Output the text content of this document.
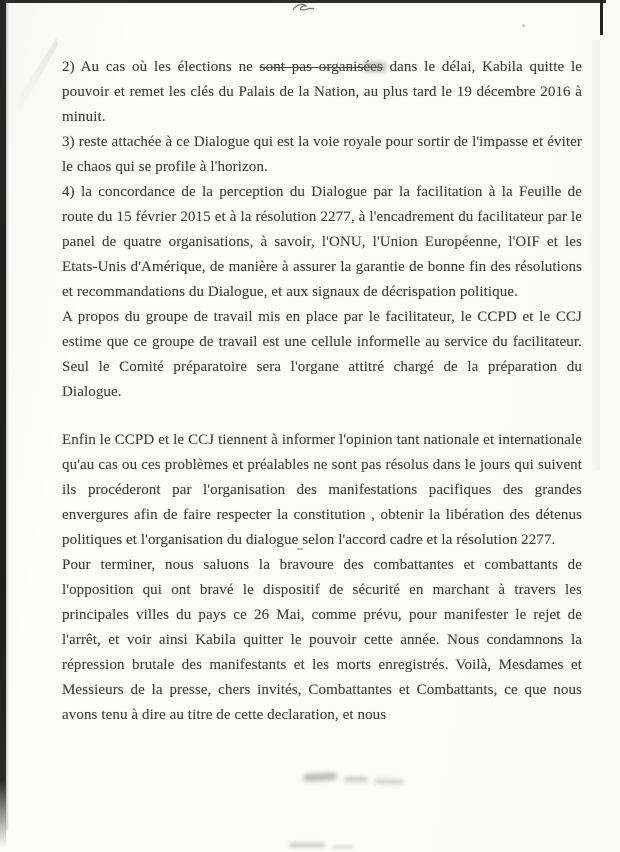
2) Au cas où les élections ne sont pas organisées dans le délai, Kabila quitte le pouvoir et remet les clés du Palais de la Nation, au plus tard le 19 décembre 2016 à minuit.

3) reste attachée à ce Dialogue qui est la voie royale pour sortir de l'impasse et éviter le chaos qui se profile à l'horizon.

4) la concordance de la perception du Dialogue par la facilitation à la Feuille de route du 15 février 2015 et à la résolution 2277, à l'encadrement du facilitateur par le panel de quatre organisations, à savoir, l'ONU, l'Union Européenne, l'OIF et les Etats-Unis d'Amérique, de manière à assurer la garantie de bonne fin des résolutions et recommandations du Dialogue, et aux signaux de décrispation politique.

A propos du groupe de travail mis en place par le facilitateur, le CCPD et le CCJ estime que ce groupe de travail est une cellule informelle au service du facilitateur. Seul le Comité préparatoire sera l'organe attitré chargé de la préparation du Dialogue.

Enfin le CCPD et le CCJ tiennent à informer l'opinion tant nationale et internationale qu'au cas ou ces problèmes et préalables ne sont pas résolus dans le jours qui suivent ils procéderont par l'organisation des manifestations pacifiques des grandes envergures afin de faire respecter la constitution , obtenir la libération des détenus politiques et l'organisation du dialogue selon l'accord cadre et la résolution 2277.

Pour terminer, nous saluons la bravoure des combattantes et combattants de l'opposition qui ont bravé le dispositif de sécurité en marchant à travers les principales villes du pays ce 26 Mai, comme prévu, pour manifester le rejet de l'arrêt, et voir ainsi Kabila quitter le pouvoir cette année. Nous condamnons la répression brutale des manifestants et les morts enregistrés. Voilà, Mesdames et Messieurs de la presse, chers invités, Combattantes et Combattants, ce que nous avons tenu à dire au titre de cette declaration, et nous
